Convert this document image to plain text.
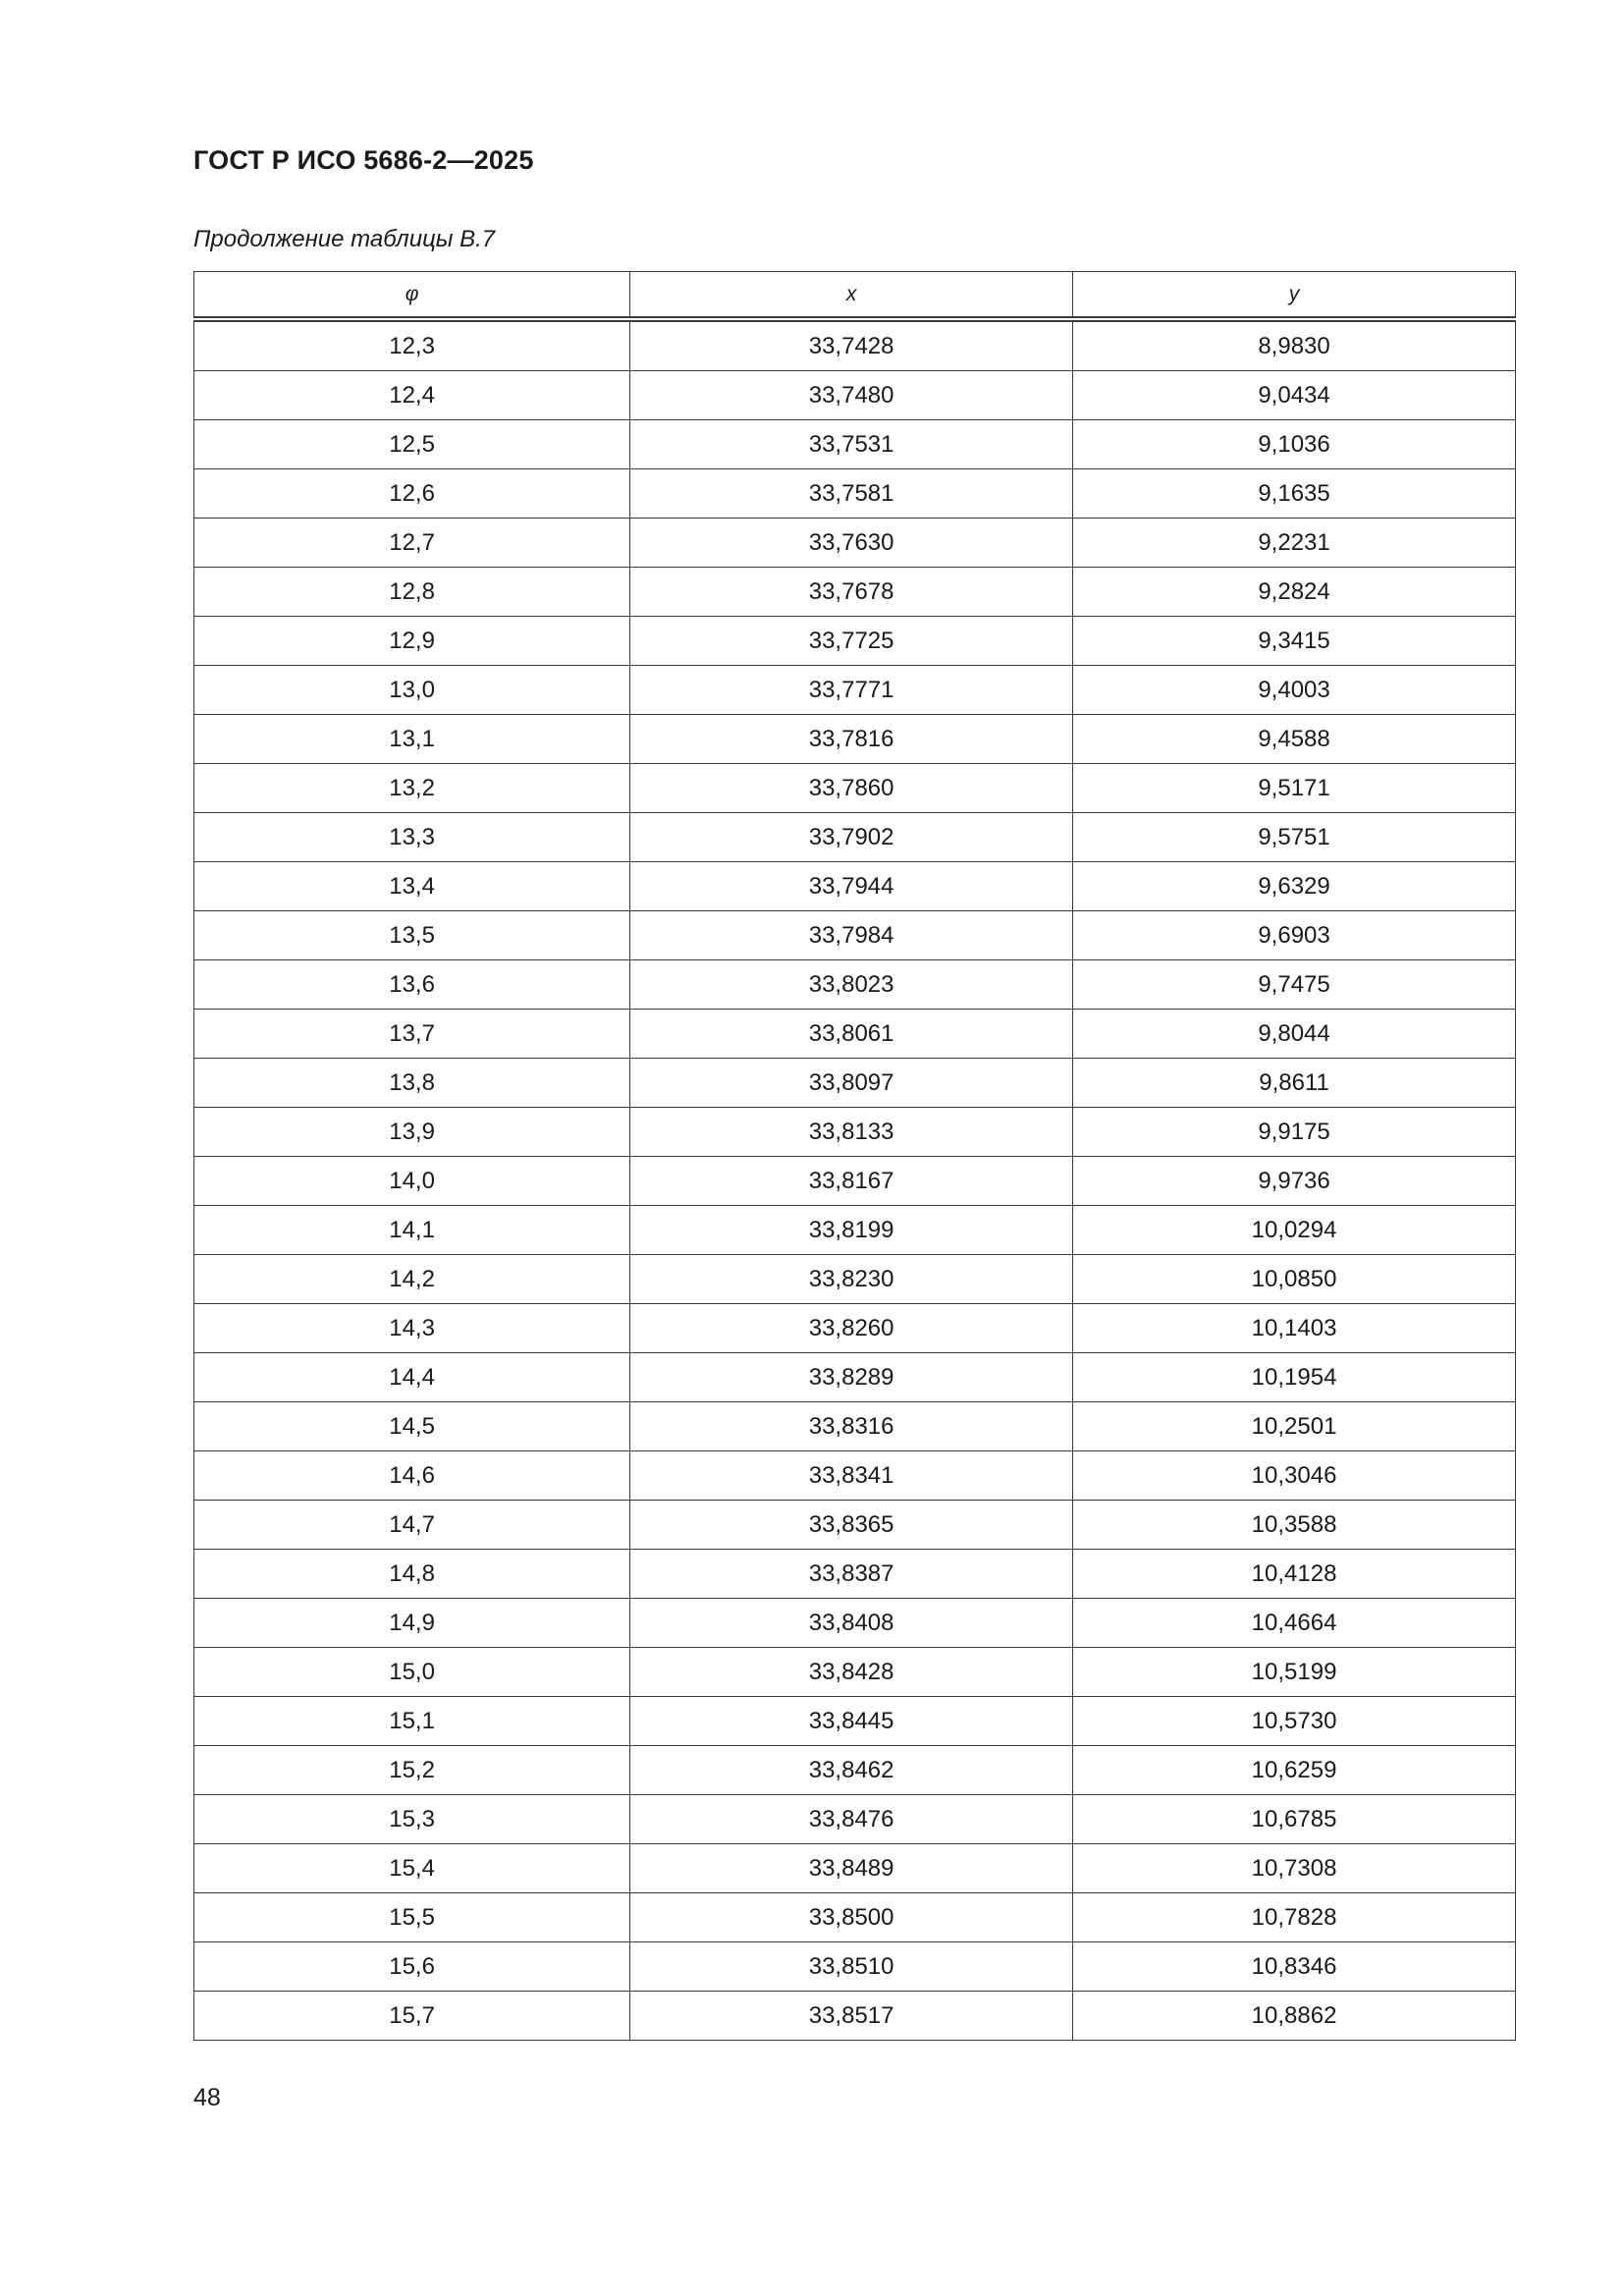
ГОСТ Р ИСО 5686-2—2025
Продолжение таблицы В.7
φ	x	y
12,3	33,7428	8,9830
12,4	33,7480	9,0434
12,5	33,7531	9,1036
12,6	33,7581	9,1635
12,7	33,7630	9,2231
12,8	33,7678	9,2824
12,9	33,7725	9,3415
13,0	33,7771	9,4003
13,1	33,7816	9,4588
13,2	33,7860	9,5171
13,3	33,7902	9,5751
13,4	33,7944	9,6329
13,5	33,7984	9,6903
13,6	33,8023	9,7475
13,7	33,8061	9,8044
13,8	33,8097	9,8611
13,9	33,8133	9,9175
14,0	33,8167	9,9736
14,1	33,8199	10,0294
14,2	33,8230	10,0850
14,3	33,8260	10,1403
14,4	33,8289	10,1954
14,5	33,8316	10,2501
14,6	33,8341	10,3046
14,7	33,8365	10,3588
14,8	33,8387	10,4128
14,9	33,8408	10,4664
15,0	33,8428	10,5199
15,1	33,8445	10,5730
15,2	33,8462	10,6259
15,3	33,8476	10,6785
15,4	33,8489	10,7308
15,5	33,8500	10,7828
15,6	33,8510	10,8346
15,7	33,8517	10,8862
48
